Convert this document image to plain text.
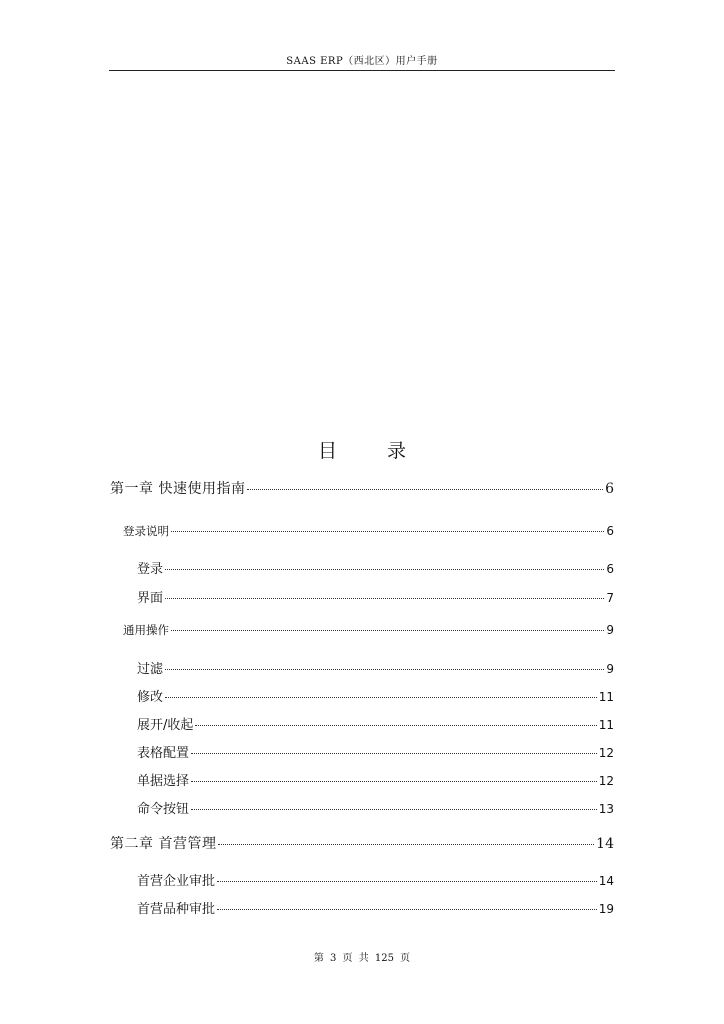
SAAS ERP（西北区）用户手册
目 录
第一章 快速使用指南	6
登录说明	6
登录	6
界面	7
通用操作	9
过滤	9
修改	11
展开/收起	11
表格配置	12
单据选择	12
命令按钮	13
第二章 首营管理	14
首营企业审批	14
首营品种审批	19
第 3 页 共 125 页
